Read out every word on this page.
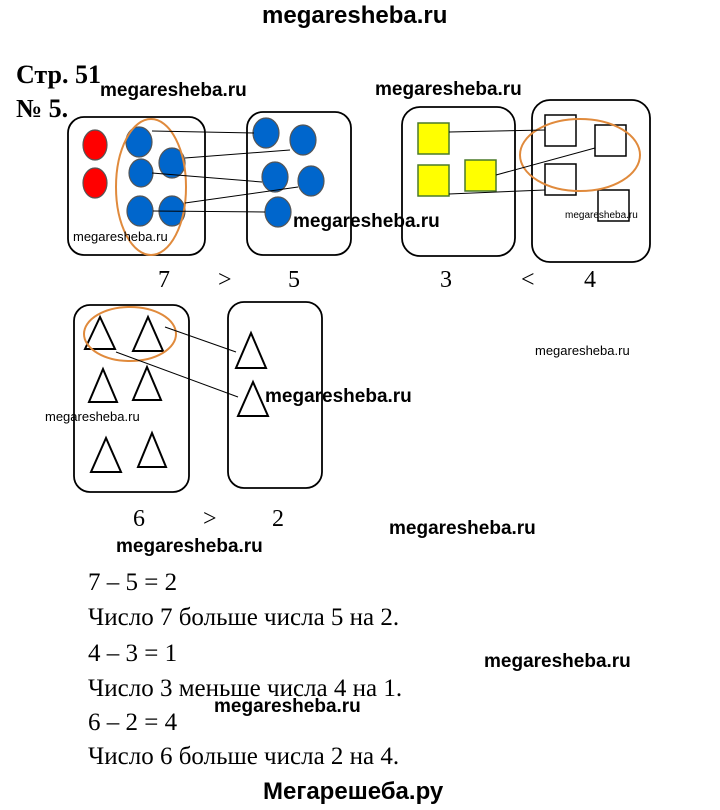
megaresheba.ru
Стр. 51
№ 5.
megaresheba.ru	megaresheba.ru
megaresheba.ru
megaresheba.ru	megaresheba.ru
megaresheba.ru
megaresheba.ru
megaresheba.ru
7 > 5	3	< 4
6 > 2	megaresheba.ru
megaresheba.ru
megaresheba.ru
megaresheba.ru
7 – 5 = 2
Число 7 больше числа 5 на 2.
4 – 3 = 1
Число 3 меньше числа 4 на 1.
6 – 2 = 4
Число 6 больше числа 2 на 4.
Мегарешеба.ру
